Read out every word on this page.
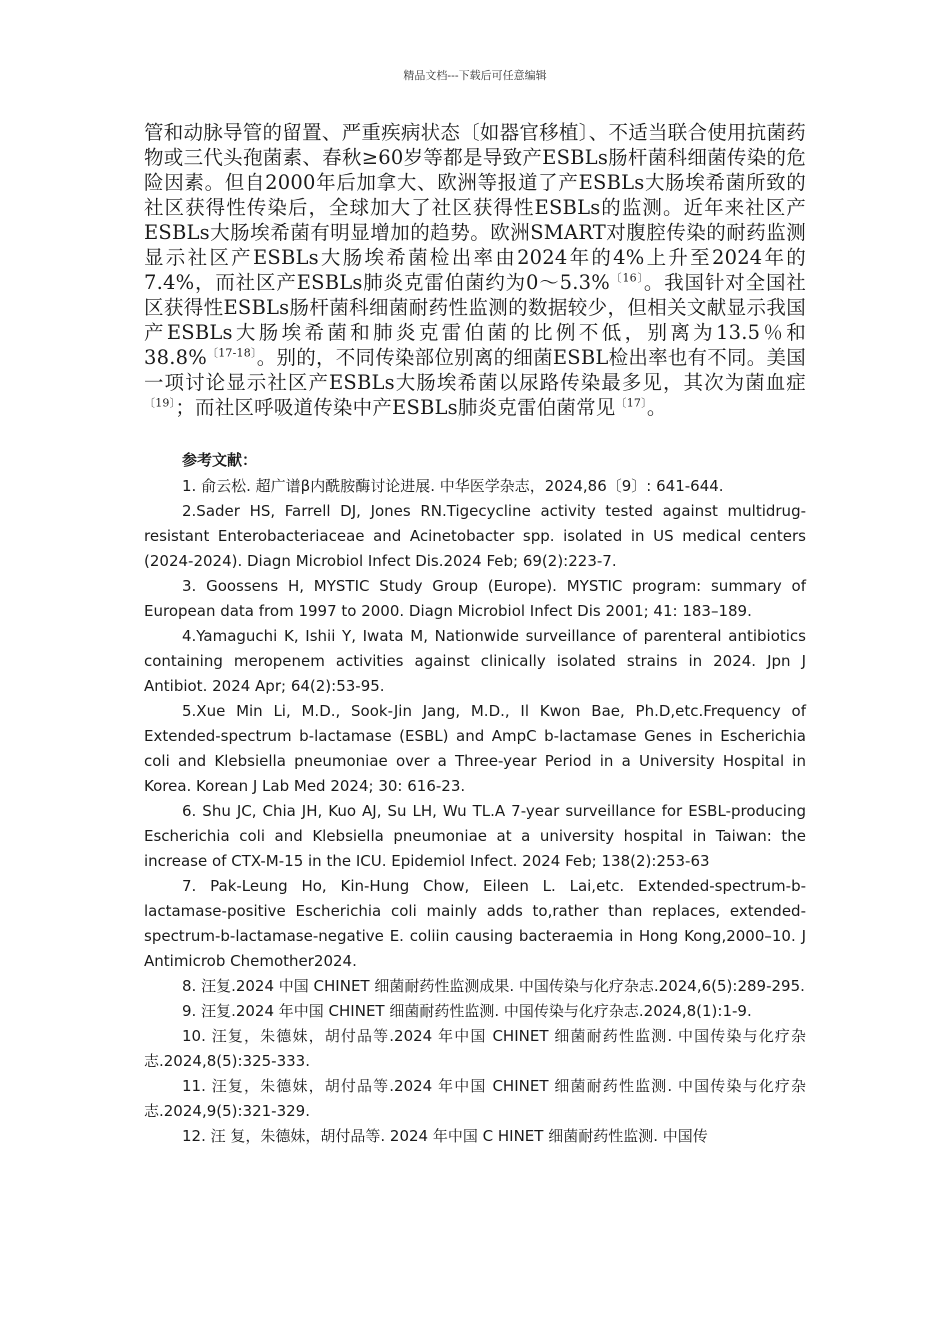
精品文档---下载后可任意编辑
管和动脉导管的留置、严重疾病状态〔如器官移植〕、不适当联合使用抗菌药物或三代头孢菌素、春秋≥60岁等都是导致产ESBLs肠杆菌科细菌传染的危险因素。但自2000年后加拿大、欧洲等报道了产ESBLs大肠埃希菌所致的社区获得性传染后，全球加大了社区获得性ESBLs的监测。近年来社区产ESBLs大肠埃希菌有明显增加的趋势。欧洲SMART对腹腔传染的耐药监测显示社区产ESBLs大肠埃希菌检出率由2024年的4%上升至2024年的7.4%，而社区产ESBLs肺炎克雷伯菌约为0～5.3%$^{〔16〕}$。我国针对全国社区获得性ESBLs肠杆菌科细菌耐药性监测的数据较少，但相关文献显示我国产ESBLs大肠埃希菌和肺炎克雷伯菌的比例不低，别离为13.5％和38.8%$^{〔17-18〕}$。别的，不同传染部位别离的细菌ESBL检出率也有不同。美国一项讨论显示社区产ESBLs大肠埃希菌以尿路传染最多见，其次为菌血症$^{〔19〕}$；而社区呼吸道传染中产ESBLs肺炎克雷伯菌常见$^{〔17〕}$。
参考文献：

1. 俞云松. 超广谱β内酰胺酶讨论进展. 中华医学杂志，2024,86〔9〕: 641-644.

2.Sader HS, Farrell DJ, Jones RN.Tigecycline activity tested against multidrug-resistant Enterobacteriaceae and Acinetobacter spp. isolated in US medical centers (2024-2024). Diagn Microbiol Infect Dis.2024 Feb; 69(2):223-7.

3. Goossens H, MYSTIC Study Group (Europe). MYSTIC program: summary of European data from 1997 to 2000. Diagn Microbiol Infect Dis 2001; 41: 183–189.

4.Yamaguchi K, Ishii Y, Iwata M, Nationwide surveillance of parenteral antibiotics containing meropenem activities against clinically isolated strains in 2024. Jpn J Antibiot. 2024 Apr; 64(2):53-95.

5.Xue Min Li, M.D., Sook-Jin Jang, M.D., Il Kwon Bae, Ph.D,etc.Frequency of Extended-spectrum b-lactamase (ESBL) and AmpC b-lactamase Genes in Escherichia coli and Klebsiella pneumoniae over a Three-year Period in a University Hospital in Korea. Korean J Lab Med 2024; 30: 616-23.

6. Shu JC, Chia JH, Kuo AJ, Su LH, Wu TL.A 7-year surveillance for ESBL-producing Escherichia coli and Klebsiella pneumoniae at a university hospital in Taiwan: the increase of CTX-M-15 in the ICU. Epidemiol Infect. 2024 Feb; 138(2):253-63

7. Pak-Leung Ho, Kin-Hung Chow, Eileen L. Lai,etc. Extended-spectrum-b-lactamase-positive Escherichia coli mainly adds to,rather than replaces, extended-spectrum-b-lactamase-negative E. coliin causing bacteraemia in Hong Kong,2000–10. J Antimicrob Chemother2024.

8. 汪复.2024 中国 CHINET 细菌耐药性监测成果. 中国传染与化疗杂志.2024,6(5):289-295.

9. 汪复.2024 年中国 CHINET 细菌耐药性监测. 中国传染与化疗杂志.2024,8(1):1-9.

10. 汪复，朱德妹，胡付品等.2024 年中国 CHINET 细菌耐药性监测. 中国传染与化疗杂志.2024,8(5):325-333.

11. 汪复，朱德妹，胡付品等.2024 年中国 CHINET 细菌耐药性监测. 中国传染与化疗杂志.2024,9(5):321-329.

12. 汪 复，朱德妹，胡付品等. 2024 年中国 C HINET 细菌耐药性监测. 中国传
